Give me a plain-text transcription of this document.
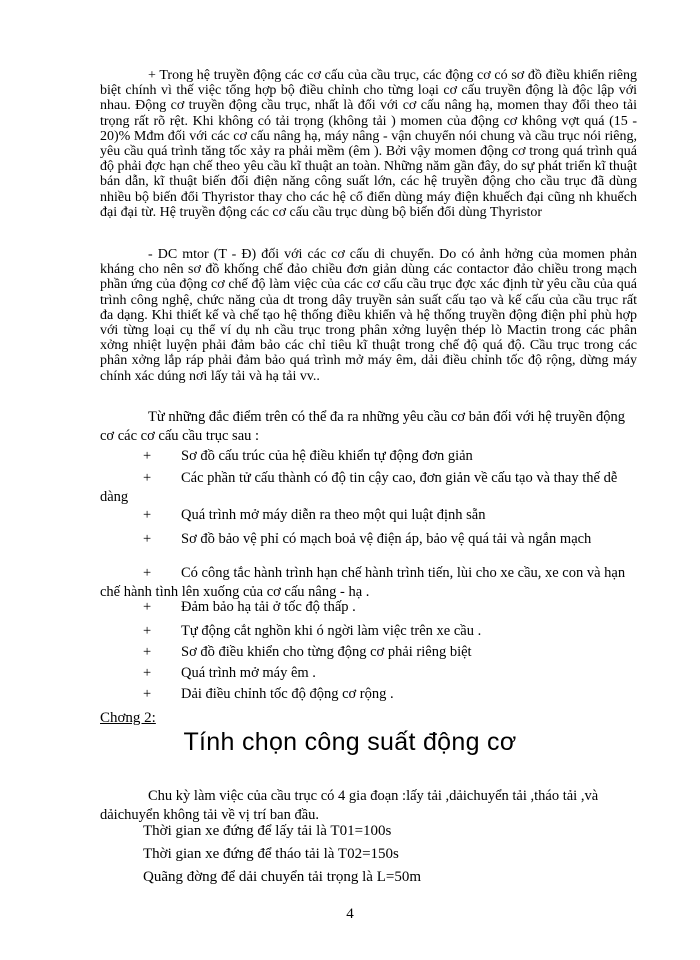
+ Trong hệ truyền động các cơ cấu của cầu trục, các động cơ có sơ đồ điều khiển riêng biệt chính vì thế việc tổng hợp bộ điều chỉnh cho từng loại cơ cấu truyền động là độc lập với nhau. Động cơ truyền động cầu trục, nhất là đối với cơ cấu nâng hạ, momen thay đổi theo tải trọng rất rõ rệt. Khi không có tải trọng (không tải ) momen của động cơ không vợt quá (15 - 20)% Mđm đối với các cơ cấu nâng hạ, máy nâng - vận chuyển nói chung và cầu trục nói riêng, yêu cầu quá trình tăng tốc xảy ra phải mềm (êm ). Bởi vậy momen động cơ trong quá trình quá độ phải đợc hạn chế theo yêu cầu kĩ thuật an toàn. Những năm gần đây, do sự phát triển kĩ thuật bán dẫn, kĩ thuật biến đổi điện năng công suất lớn, các hệ truyền động cho cầu trục đã dùng nhiều bộ biến đổi Thyristor thay cho các hệ cổ điển dùng máy điện khuếch đại cũng nh khuếch đại đại từ. Hệ truyền động các cơ cấu cầu trục dùng bộ biến đổi dùng Thyristor
- DC mtor (T - Đ) đối với các cơ cấu di chuyển. Do có ảnh hởng của momen phản kháng cho nên sơ đồ khống chế đảo chiều đơn giản dùng các contactor đảo chiều trong mạch phần ứng của động cơ chế độ làm việc của các cơ cấu cầu trục đợc xác định từ yêu cầu của quá trình công nghệ, chức năng của dt trong dây truyền sản suất cấu tạo và kế cấu của cầu trục rất đa dạng. Khi thiết kế và chế tạo hệ thống điều khiển và hệ thống truyền động điện phỉ phù hợp với từng loại cụ thể ví dụ nh cầu trục trong phân xởng luyện thép lò Mactin trong các phân xởng nhiệt luyện phải đảm bảo các chỉ tiêu kĩ thuật trong chế độ quá độ. Cầu trục trong các phân xởng lắp ráp phải đảm bảo quá trình mở máy êm, dải điều chỉnh tốc độ rộng, dừng máy chính xác dúng nơi lấy tải và hạ tải vv..
Từ những đắc điểm trên có thể đa ra những yêu cầu cơ bản đối với hệ truyền động cơ các cơ cấu cầu trục sau :
+ Sơ đồ cấu trúc của hệ điều khiển tự động đơn giản
+ Các phần tử cấu thành có độ tin cậy cao, đơn giản về cấu tạo và thay thế dễ dàng
+ Quá trình mở máy diễn ra theo một qui luật định sẵn
+ Sơ đồ bảo vệ phỉ có mạch boả vệ điện áp, bảo vệ quá tải và ngắn mạch
+ Có công tắc hành trình hạn chế hành trình tiến, lùi cho xe cầu, xe con và hạn chế hành tình lên xuống của cơ cấu nâng - hạ .
+ Đảm bảo hạ tải ở tốc độ thấp .
+ Tự động cắt nghồn khi ó ngời làm việc trên xe cầu .
+ Sơ đồ điều khiển cho từng động cơ phải riêng biệt
+ Quá trình mở máy êm .
+ Dải điều chỉnh tốc độ động cơ rộng .
Chơng 2:
Tính chọn công suất động cơ
Chu kỳ làm việc của cầu trục có 4 gia đoạn :lấy tải ,dảichuyển tải ,tháo tải ,và dảichuyển không tải về vị trí ban đầu.
Thời gian xe đứng để lấy tải là T01=100s
Thời gian xe đứng để tháo tải là T02=150s
Quãng đờng để dải chuyển tải trọng là L=50m
4
